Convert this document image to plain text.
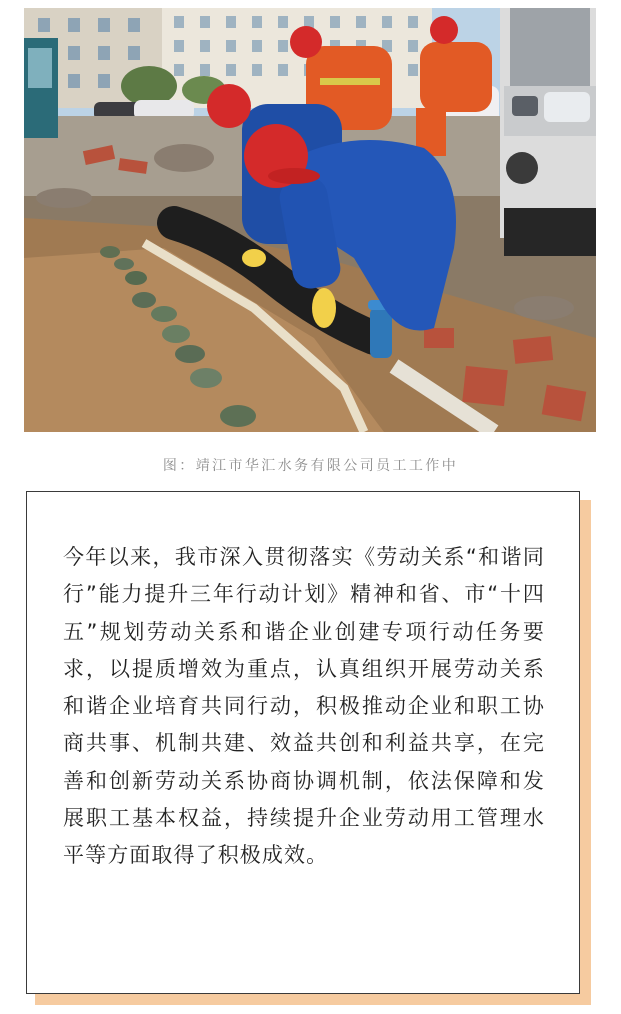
图：靖江市华汇水务有限公司员工工作中

今年以来，我市深入贯彻落实《劳动关系“和谐同行”能力提升三年行动计划》精神和省、市“十四五”规划劳动关系和谐企业创建专项行动任务要求，以提质增效为重点，认真组织开展劳动关系和谐企业培育共同行动，积极推动企业和职工协商共事、机制共建、效益共创和利益共享，在完善和创新劳动关系协商协调机制，依法保障和发展职工基本权益，持续提升企业劳动用工管理水平等方面取得了积极成效。
